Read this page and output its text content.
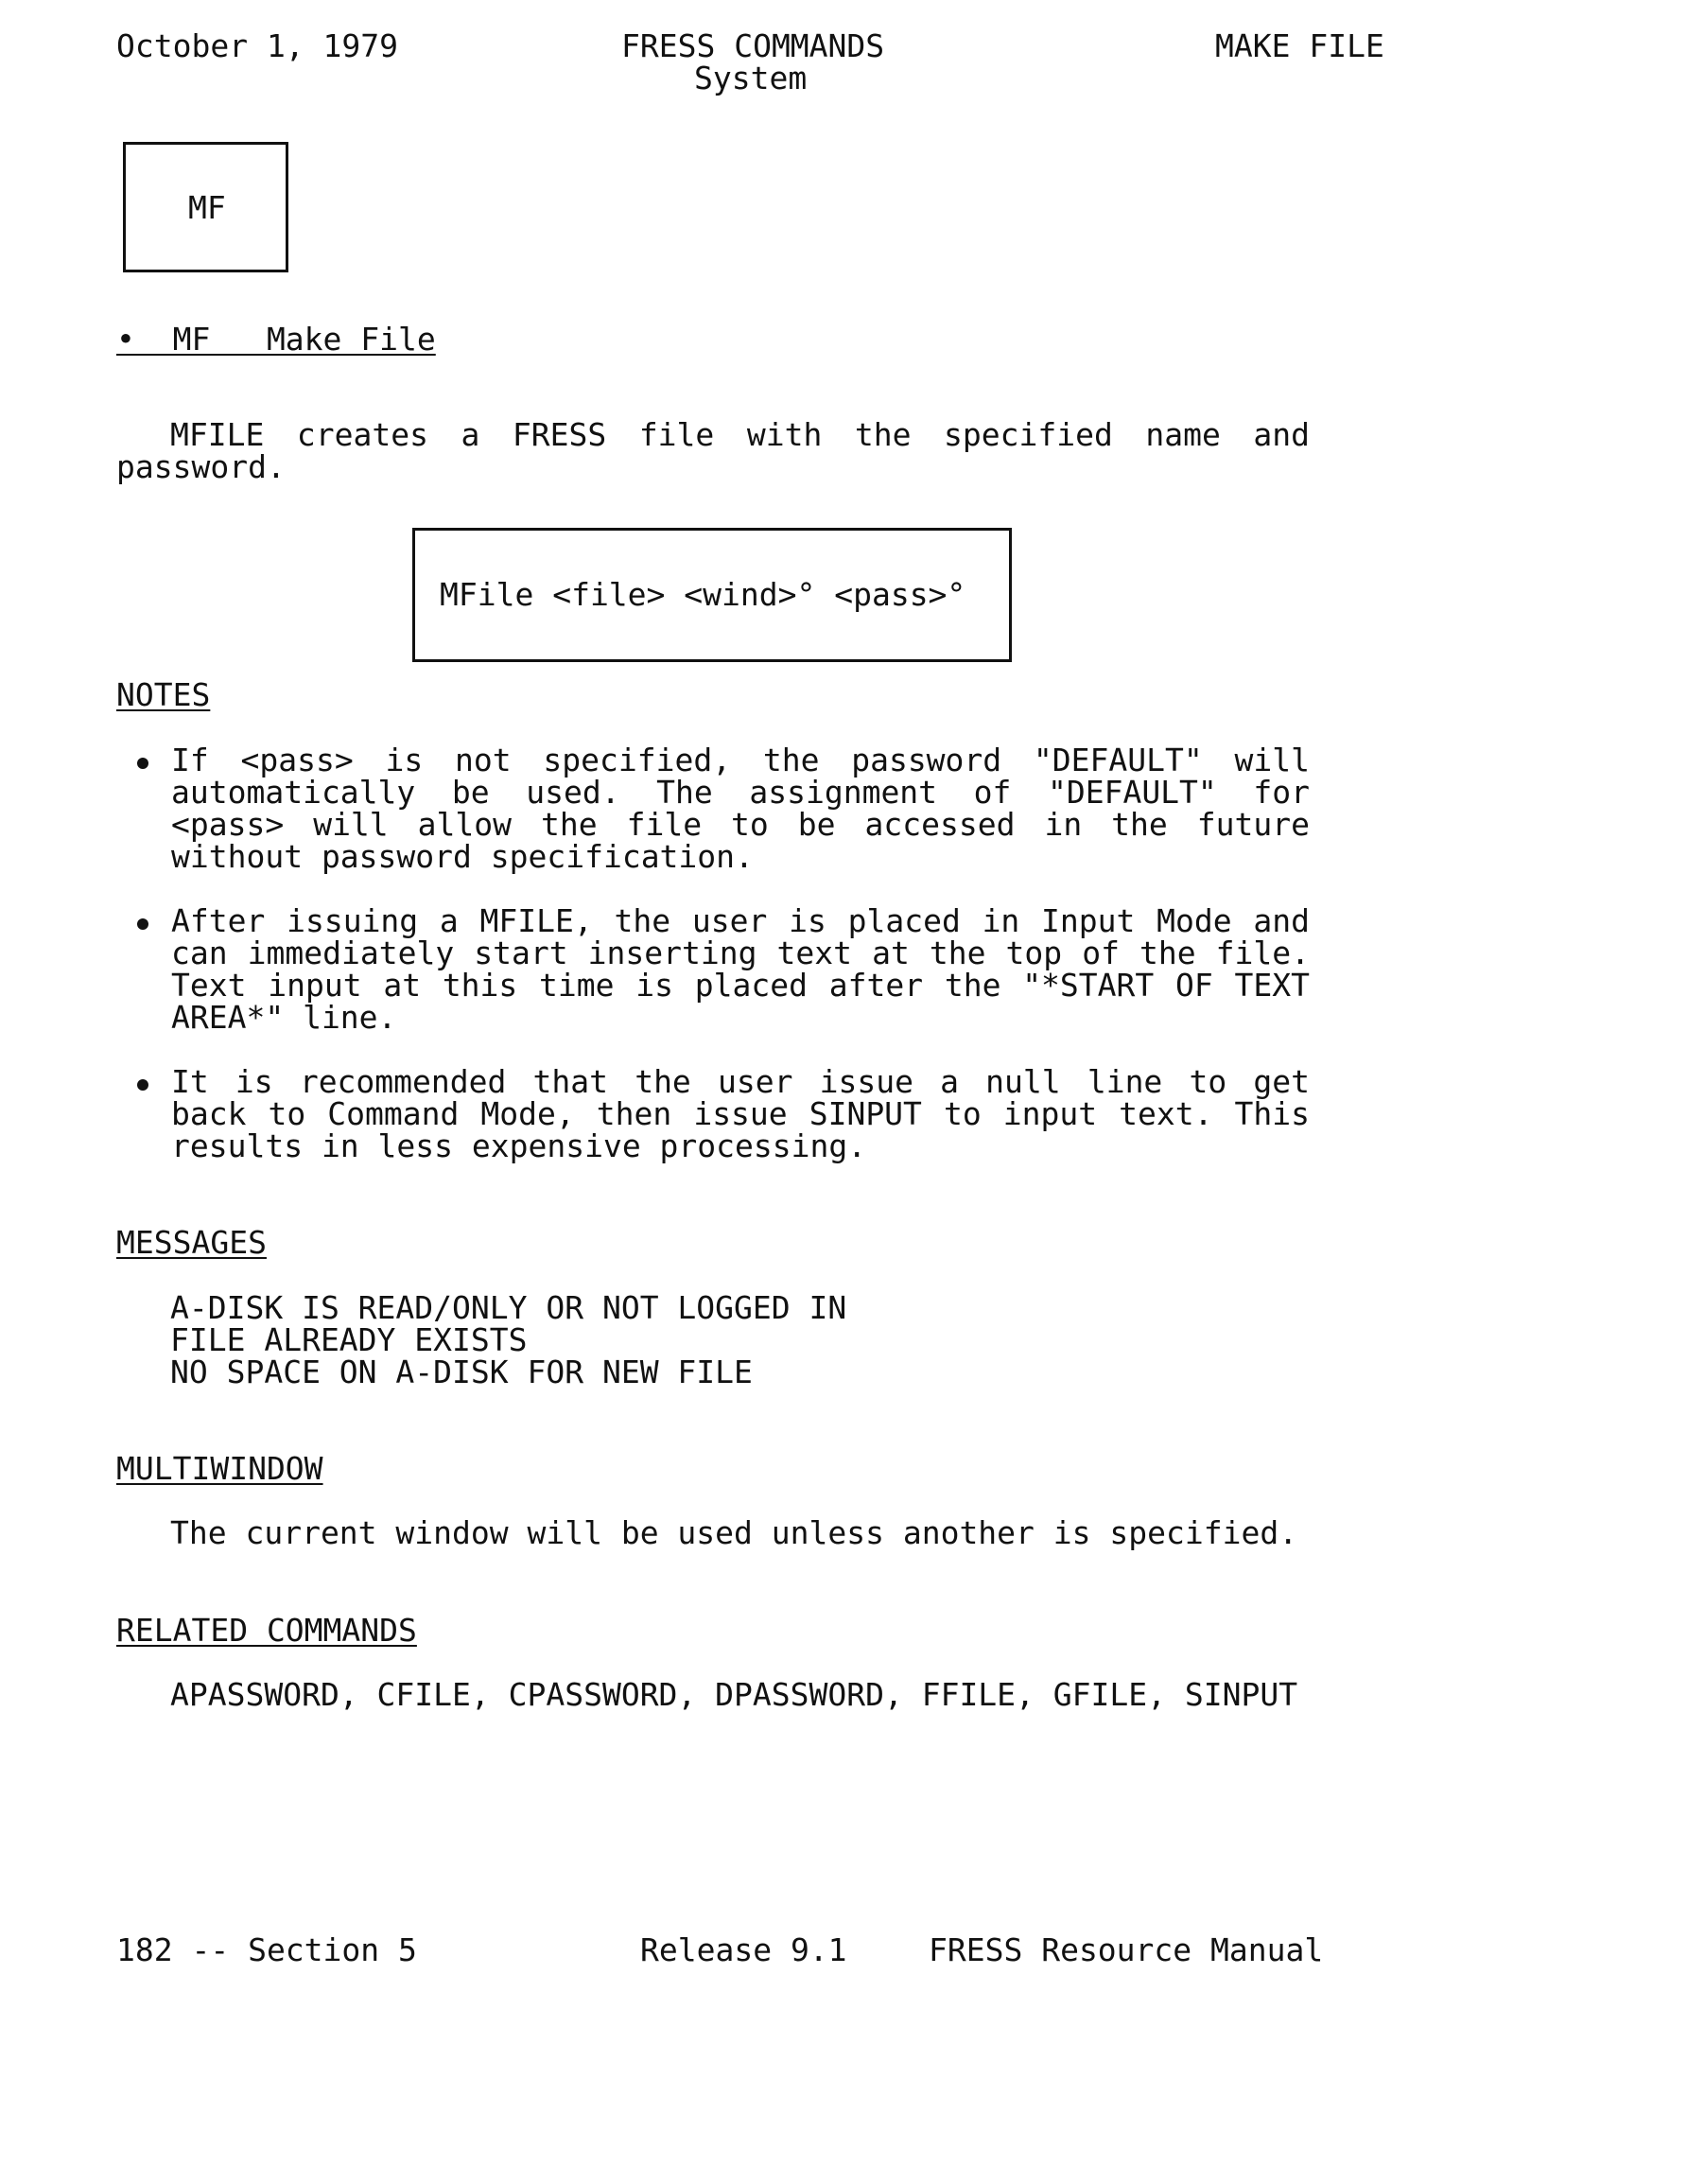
October 1, 1979	FRESS COMMANDS
System
MAKE FILE
MF
•  MF   Make File
MFILE creates a FRESS file with the specified name and password.
MFile <file> <wind>° <pass>°
NOTES
If <pass> is not specified, the password "DEFAULT" will automatically be used. The assignment of "DEFAULT" for <pass> will allow the file to be accessed in the future without password specification.
After issuing a MFILE, the user is placed in Input Mode and can immediately start inserting text at the top of the file. Text input at this time is placed after the "*START OF TEXT AREA*" line.
It is recommended that the user issue a null line to get back to Command Mode, then issue SINPUT to input text. This results in less expensive processing.
MESSAGES
A-DISK IS READ/ONLY OR NOT LOGGED IN
FILE ALREADY EXISTS
NO SPACE ON A-DISK FOR NEW FILE
MULTIWINDOW
The current window will be used unless another is specified.
RELATED COMMANDS
APASSWORD, CFILE, CPASSWORD, DPASSWORD, FFILE, GFILE, SINPUT
182 -- Section 5	Release 9.1	FRESS Resource Manual
